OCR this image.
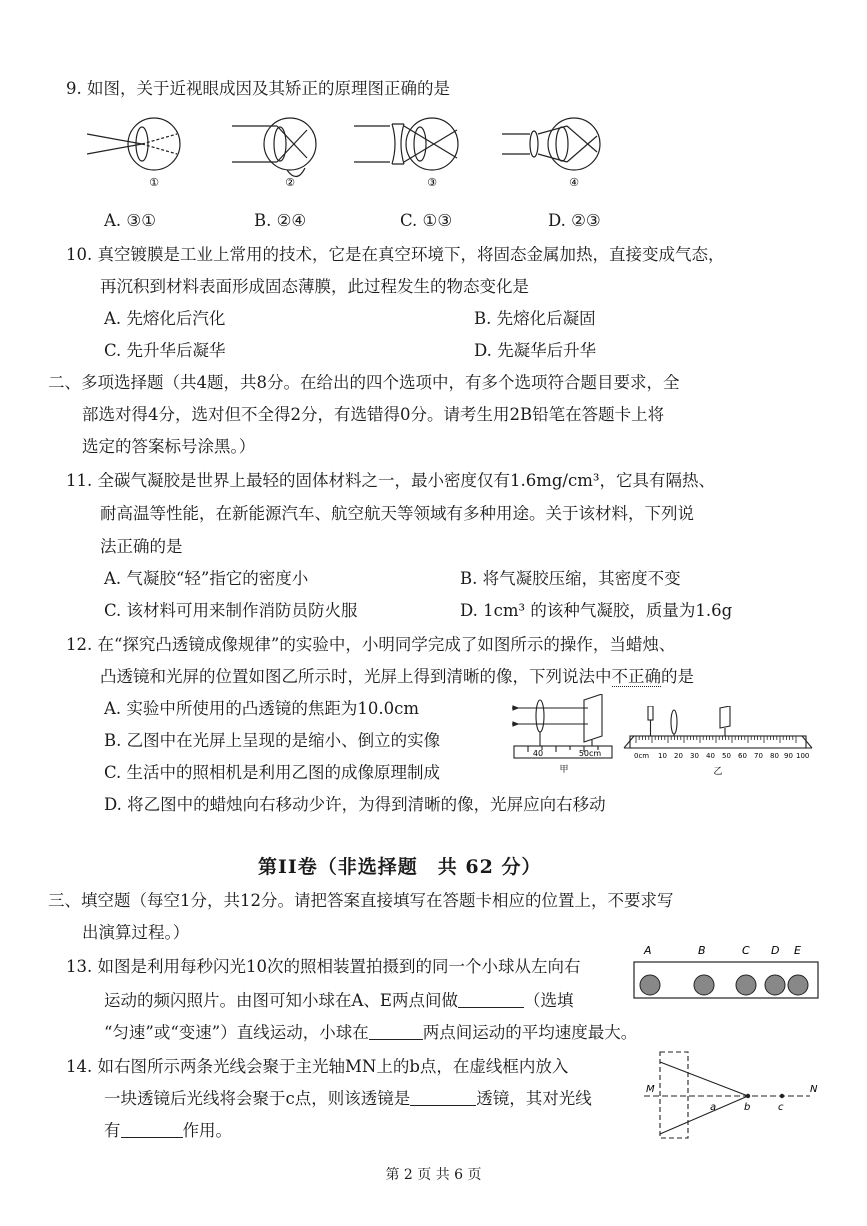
9. 如图，关于近视眼成因及其矫正的原理图正确的是
①	②	③	④
A. ③①	B. ②④	C. ①③	D. ②③
10. 真空镀膜是工业上常用的技术，它是在真空环境下，将固态金属加热，直接变成气态，
再沉积到材料表面形成固态薄膜，此过程发生的物态变化是
A. 先熔化后汽化	B. 先熔化后凝固
C. 先升华后凝华	D. 先凝华后升华
二、多项选择题（共4题，共8分。在给出的四个选项中，有多个选项符合题目要求，全
部选对得4分，选对但不全得2分，有选错得0分。请考生用2B铅笔在答题卡上将
选定的答案标号涂黑。）
11. 全碳气凝胶是世界上最轻的固体材料之一，最小密度仅有1.6mg/cm³，它具有隔热、
耐高温等性能，在新能源汽车、航空航天等领域有多种用途。关于该材料，下列说
法正确的是
A. 气凝胶“轻”指它的密度小	B. 将气凝胶压缩，其密度不变
C. 该材料可用来制作消防员防火服	D. 1cm³ 的该种气凝胶，质量为1.6g
12. 在“探究凸透镜成像规律”的实验中，小明同学完成了如图所示的操作，当蜡烛、
凸透镜和光屏的位置如图乙所示时，光屏上得到清晰的像，下列说法中不正确的是
A. 实验中所使用的凸透镜的焦距为10.0cm
B. 乙图中在光屏上呈现的是缩小、倒立的实像
C. 生活中的照相机是利用乙图的成像原理制成
D. 将乙图中的蜡烛向右移动少许，为得到清晰的像，光屏应向右移动
40	50cm
甲
0cm 10 20 30 40 50 60 70 80 90 100
乙
第II卷（非选择题　共 62 分）
三、填空题（每空1分，共12分。请把答案直接填写在答题卡相应的位置上，不要求写
出演算过程。）
13. 如图是利用每秒闪光10次的照相装置拍摄到的同一个小球从左向右
运动的频闪照片。由图可知小球在A、E两点间做	（选填
“匀速”或“变速”）直线运动，小球在	两点间运动的平均速度最大。
A	B	C D E
14. 如右图所示两条光线会聚于主光轴MN上的b点，在虚线框内放入
一块透镜后光线将会聚于c点，则该透镜是	透镜，其对光线
有	作用。
M	N
a	b	c
第 2 页 共 6 页
